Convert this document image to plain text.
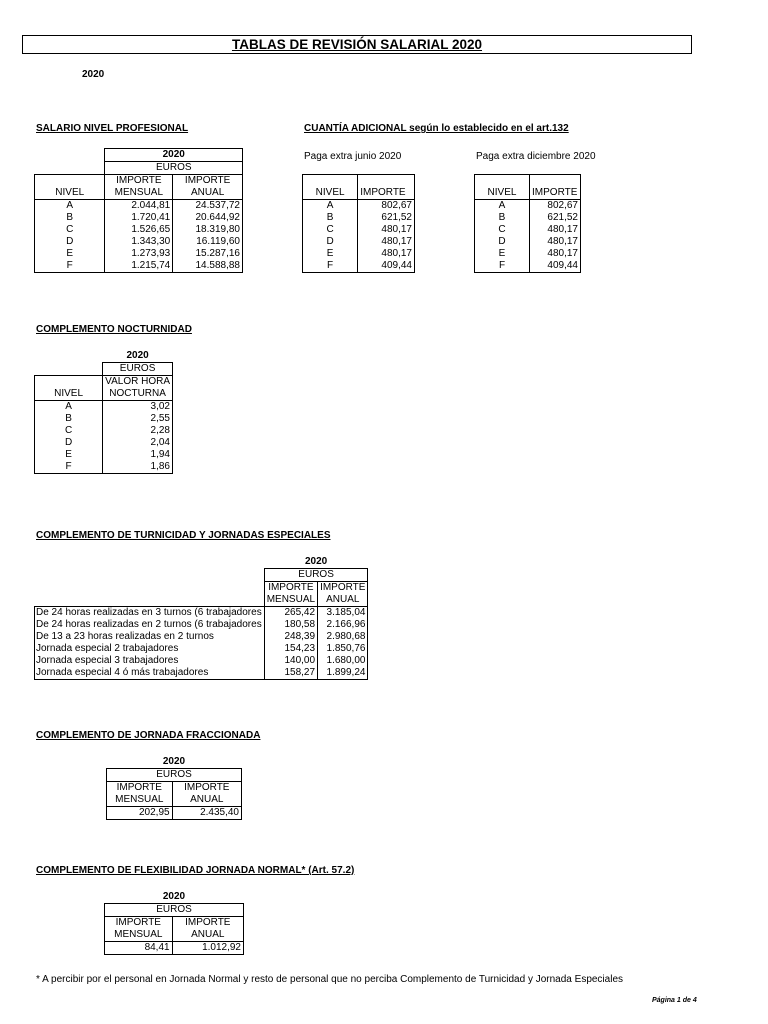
TABLAS DE REVISIÓN SALARIAL 2020
2020
SALARIO NIVEL PROFESIONAL
	2020	
	EUROS	
	IMPORTE	IMPORTE
NIVEL	MENSUAL	ANUAL
A	2.044,81	24.537,72
B	1.720,41	20.644,92
C	1.526,65	18.319,80
D	1.343,30	16.119,60
E	1.273,93	15.287,16
F	1.215,74	14.588,88
CUANTÍA ADICIONAL según lo establecido en el art.132
Paga extra junio 2020	Paga extra diciembre 2020

NIVEL	IMPORTE
A	802,67
B	621,52
C	480,17
D	480,17
E	480,17
F	409,44

NIVEL	IMPORTE
A	802,67
B	621,52
C	480,17
D	480,17
E	480,17
F	409,44
COMPLEMENTO NOCTURNIDAD
	2020
	EUROS
	VALOR HORA
NIVEL	NOCTURNA
A	3,02
B	2,55
C	2,28
D	2,04
E	1,94
F	1,86
COMPLEMENTO DE TURNICIDAD Y JORNADAS ESPECIALES
	2020	
	EUROS	
	IMPORTE	IMPORTE
	MENSUAL	ANUAL
De 24 horas realizadas en 3 turnos (6 trabajadores	265,42	3.185,04
De 24 horas realizadas en 2 turnos (6 trabajadores	180,58	2.166,96
De 13 a 23 horas realizadas en 2 turnos	248,39	2.980,68
Jornada especial 2 trabajadores	154,23	1.850,76
Jornada especial 3 trabajadores	140,00	1.680,00
Jornada especial 4 ó más trabajadores	158,27	1.899,24
COMPLEMENTO DE JORNADA FRACCIONADA
2020	
EUROS	
IMPORTE	IMPORTE
MENSUAL	ANUAL
202,95	2.435,40
COMPLEMENTO DE FLEXIBILIDAD JORNADA NORMAL* (Art. 57.2)
2020	
EUROS	
IMPORTE	IMPORTE
MENSUAL	ANUAL
84,41	1.012,92
* A percibir por el personal en Jornada Normal y resto de personal que no perciba Complemento de Turnicidad y Jornada Especiales
Página 1 de 4
